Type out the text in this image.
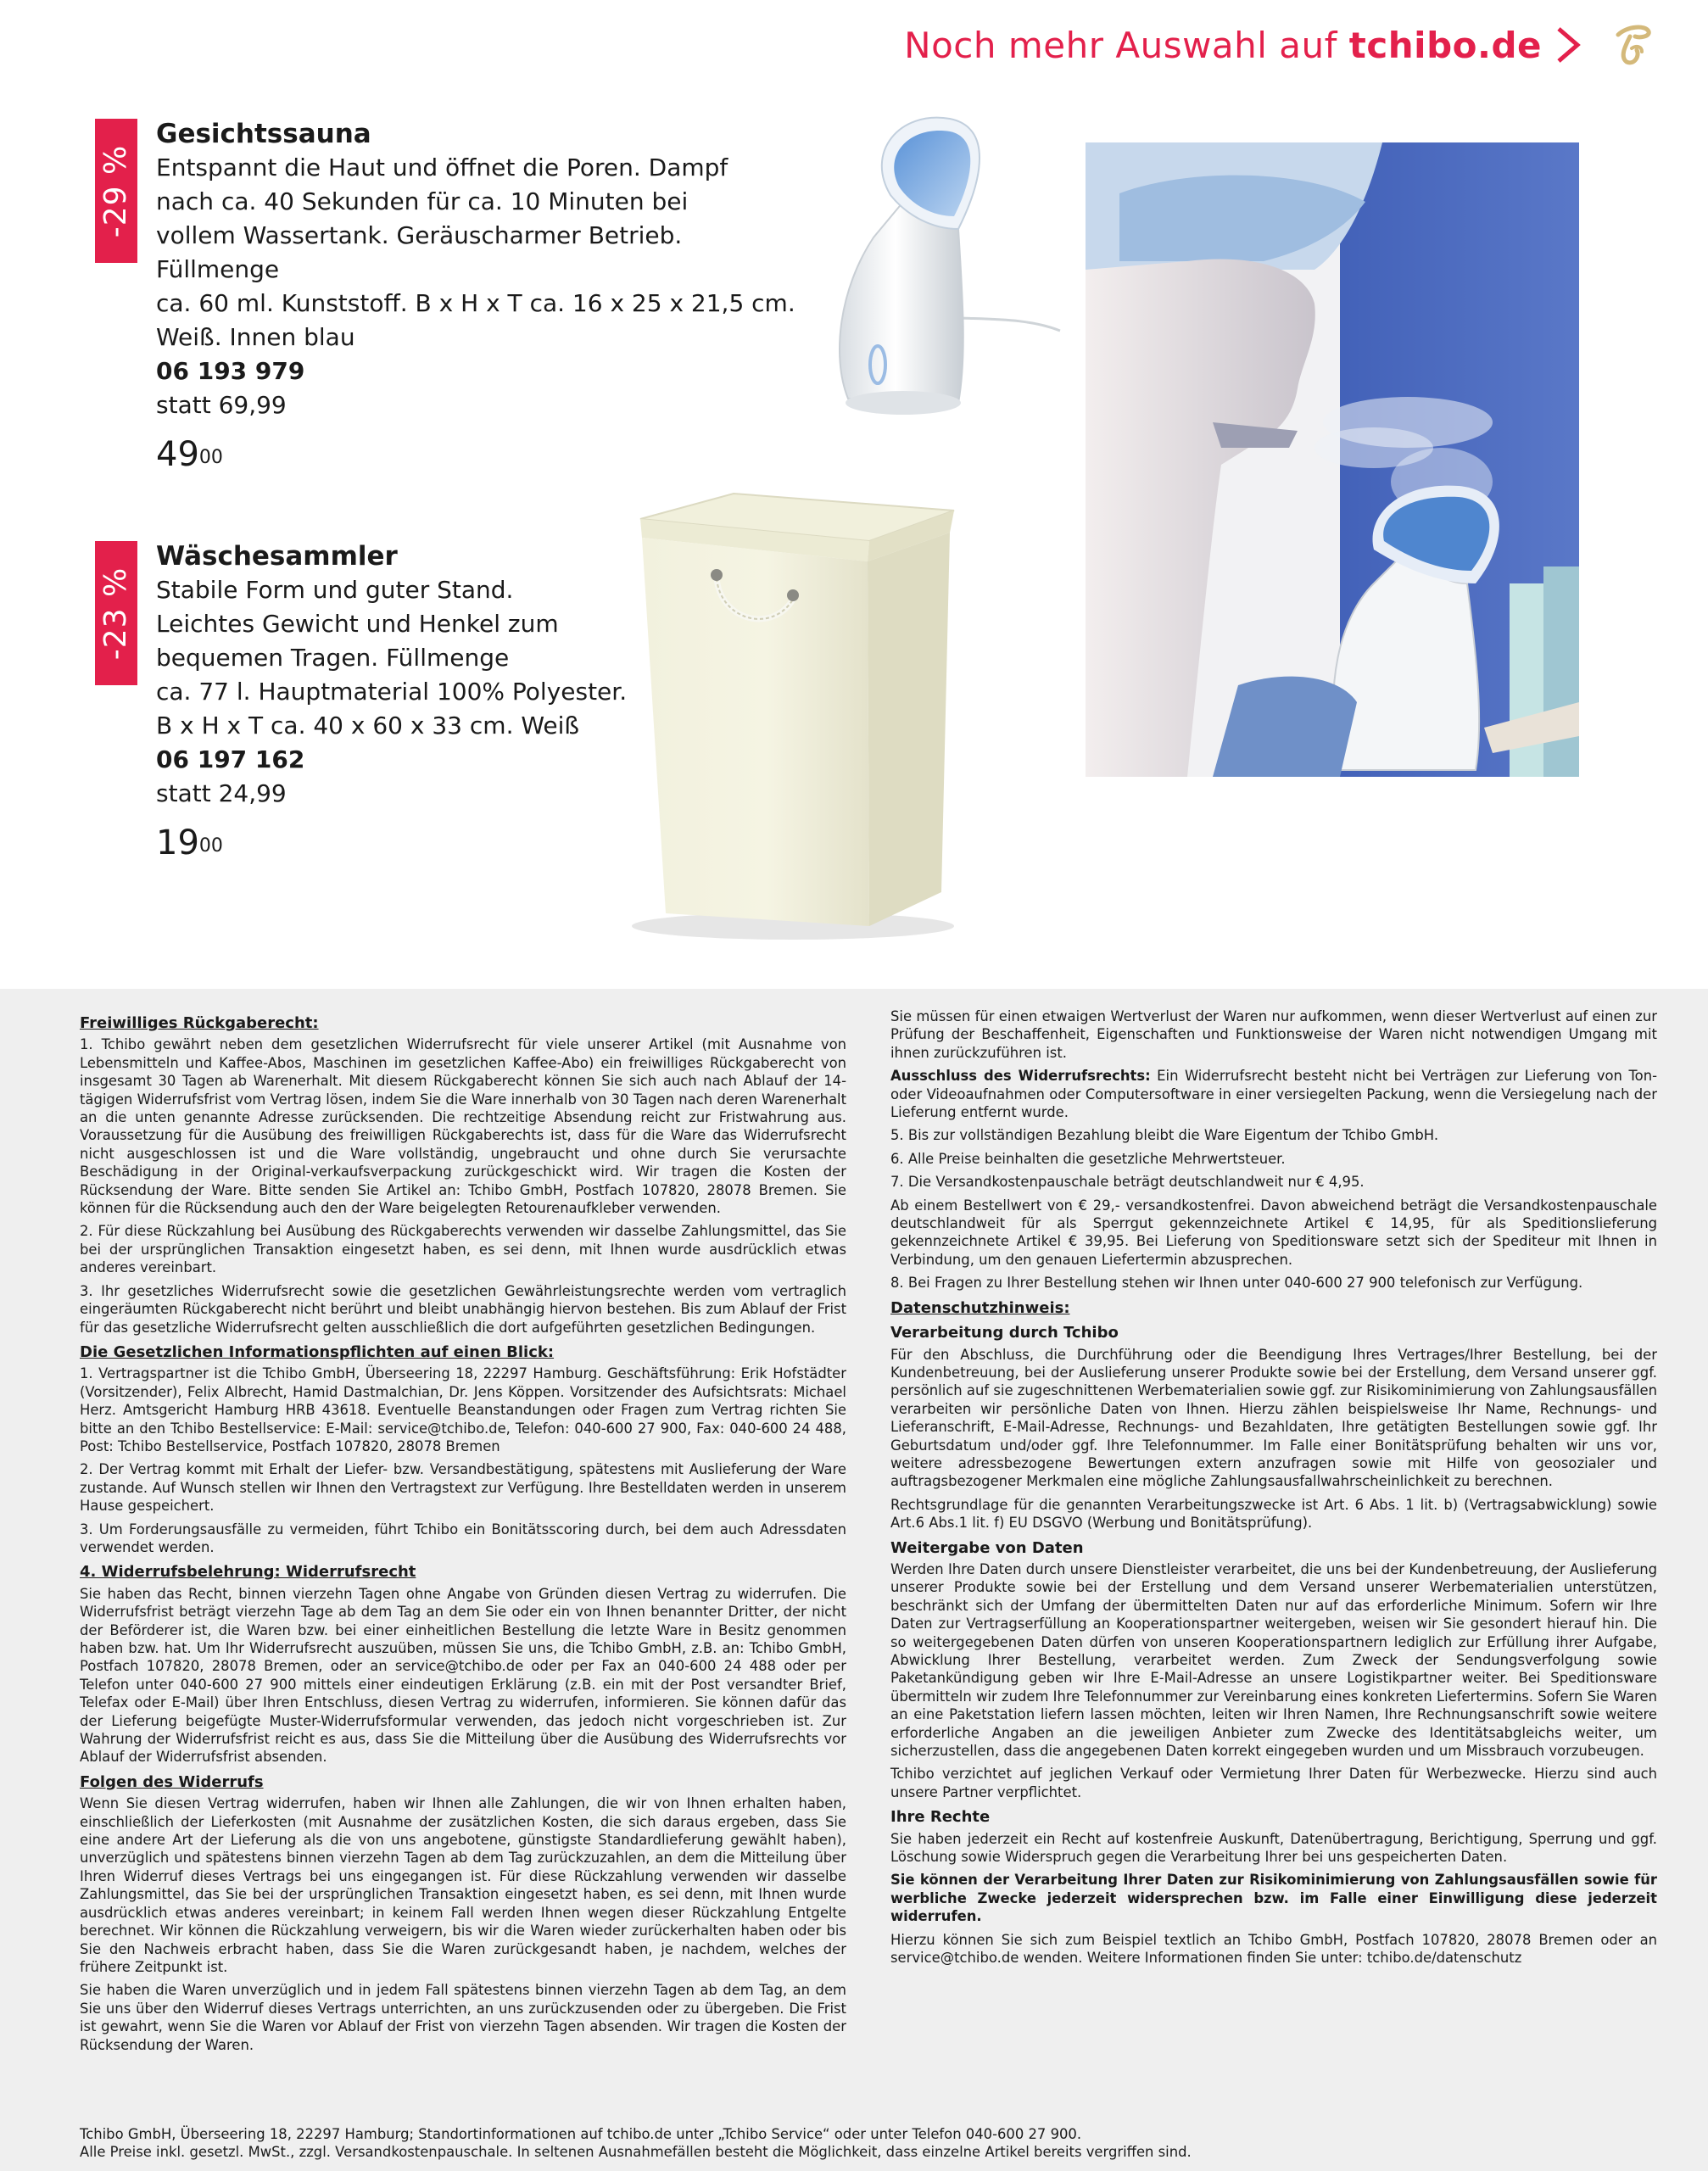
Noch mehr Auswahl auf tchibo.de
-29 %
Gesichtssauna
Entspannt die Haut und öffnet die Poren. Dampf
nach ca. 40 Sekunden für ca. 10 Minuten bei
vollem Wassertank. Geräuscharmer Betrieb. Füllmenge
ca. 60 ml. Kunststoff. B x H x T ca. 16 x 25 x 21,5 cm.
Weiß. Innen blau
06 193 979
statt 69,99
$49^{00}$
-23 %
Wäschesammler
Stabile Form und guter Stand.
Leichtes Gewicht und Henkel zum
bequemen Tragen. Füllmenge
ca. 77 l. Hauptmaterial 100% Polyester.
B x H x T ca. 40 x 60 x 33 cm. Weiß
06 197 162
statt 24,99
$19^{00}$
Freiwilliges Rückgaberecht:

1. Tchibo gewährt neben dem gesetzlichen Widerrufsrecht für viele unserer Artikel (mit Ausnahme von Lebensmitteln und Kaffee-Abos, Maschinen im gesetzlichen Kaffee-Abo) ein freiwilliges Rückgaberecht von insgesamt 30 Tagen ab Warenerhalt. Mit diesem Rückgaberecht können Sie sich auch nach Ablauf der 14-tägigen Widerrufsfrist vom Vertrag lösen, indem Sie die Ware innerhalb von 30 Tagen nach deren Warenerhalt an die unten genannte Adresse zurücksenden. Die rechtzeitige Absendung reicht zur Fristwahrung aus. Voraussetzung für die Ausübung des freiwilligen Rückgaberechts ist, dass für die Ware das Widerrufsrecht nicht ausgeschlossen ist und die Ware vollständig, ungebraucht und ohne durch Sie verursachte Beschädigung in der Original-verkaufsverpackung zurückgeschickt wird. Wir tragen die Kosten der Rücksendung der Ware. Bitte senden Sie Artikel an: Tchibo GmbH, Postfach 107820, 28078 Bremen. Sie können für die Rücksendung auch den der Ware beigelegten Retourenaufkleber verwenden.

2. Für diese Rückzahlung bei Ausübung des Rückgaberechts verwenden wir dasselbe Zahlungsmittel, das Sie bei der ursprünglichen Transaktion eingesetzt haben, es sei denn, mit Ihnen wurde ausdrücklich etwas anderes vereinbart.

3. Ihr gesetzliches Widerrufsrecht sowie die gesetzlichen Gewährleistungsrechte werden vom vertraglich eingeräumten Rückgaberecht nicht berührt und bleibt unabhängig hiervon bestehen. Bis zum Ablauf der Frist für das gesetzliche Widerrufsrecht gelten ausschließlich die dort aufgeführten gesetzlichen Bedingungen.

Die Gesetzlichen Informationspflichten auf einen Blick:

1. Vertragspartner ist die Tchibo GmbH, Überseering 18, 22297 Hamburg. Geschäftsführung: Erik Hofstädter (Vorsitzender), Felix Albrecht, Hamid Dastmalchian, Dr. Jens Köppen. Vorsitzender des Aufsichtsrats: Michael Herz. Amtsgericht Hamburg HRB 43618. Eventuelle Beanstandungen oder Fragen zum Vertrag richten Sie bitte an den Tchibo Bestellservice: E-Mail: service@tchibo.de, Telefon: 040-600 27 900, Fax: 040-600 24 488, Post: Tchibo Bestellservice, Postfach 107820, 28078 Bremen

2. Der Vertrag kommt mit Erhalt der Liefer- bzw. Versandbestätigung, spätestens mit Auslieferung der Ware zustande. Auf Wunsch stellen wir Ihnen den Vertragstext zur Verfügung. Ihre Bestelldaten werden in unserem Hause gespeichert.

3. Um Forderungsausfälle zu vermeiden, führt Tchibo ein Bonitätsscoring durch, bei dem auch Adressdaten verwendet werden.

4. Widerrufsbelehrung: Widerrufsrecht

Sie haben das Recht, binnen vierzehn Tagen ohne Angabe von Gründen diesen Vertrag zu widerrufen. Die Widerrufsfrist beträgt vierzehn Tage ab dem Tag an dem Sie oder ein von Ihnen benannter Dritter, der nicht der Beförderer ist, die Waren bzw. bei einer einheitlichen Bestellung die letzte Ware in Besitz genommen haben bzw. hat. Um Ihr Widerrufsrecht auszuüben, müssen Sie uns, die Tchibo GmbH, z.B. an: Tchibo GmbH, Postfach 107820, 28078 Bremen, oder an service@tchibo.de oder per Fax an 040-600 24 488 oder per Telefon unter 040-600 27 900 mittels einer eindeutigen Erklärung (z.B. ein mit der Post versandter Brief, Telefax oder E-Mail) über Ihren Entschluss, diesen Vertrag zu widerrufen, informieren. Sie können dafür das der Lieferung beigefügte Muster-Widerrufsformular verwenden, das jedoch nicht vorgeschrieben ist. Zur Wahrung der Widerrufsfrist reicht es aus, dass Sie die Mitteilung über die Ausübung des Widerrufsrechts vor Ablauf der Widerrufsfrist absenden.

Folgen des Widerrufs

Wenn Sie diesen Vertrag widerrufen, haben wir Ihnen alle Zahlungen, die wir von Ihnen erhalten haben, einschließlich der Lieferkosten (mit Ausnahme der zusätzlichen Kosten, die sich daraus ergeben, dass Sie eine andere Art der Lieferung als die von uns angebotene, günstigste Standardlieferung gewählt haben), unverzüglich und spätestens binnen vierzehn Tagen ab dem Tag zurückzuzahlen, an dem die Mitteilung über Ihren Widerruf dieses Vertrags bei uns eingegangen ist. Für diese Rückzahlung verwenden wir dasselbe Zahlungsmittel, das Sie bei der ursprünglichen Transaktion eingesetzt haben, es sei denn, mit Ihnen wurde ausdrücklich etwas anderes vereinbart; in keinem Fall werden Ihnen wegen dieser Rückzahlung Entgelte berechnet. Wir können die Rückzahlung verweigern, bis wir die Waren wieder zurückerhalten haben oder bis Sie den Nachweis erbracht haben, dass Sie die Waren zurückgesandt haben, je nachdem, welches der frühere Zeitpunkt ist.

Sie haben die Waren unverzüglich und in jedem Fall spätestens binnen vierzehn Tagen ab dem Tag, an dem Sie uns über den Widerruf dieses Vertrags unterrichten, an uns zurückzusenden oder zu übergeben. Die Frist ist gewahrt, wenn Sie die Waren vor Ablauf der Frist von vierzehn Tagen absenden. Wir tragen die Kosten der Rücksendung der Waren.

Sie müssen für einen etwaigen Wertverlust der Waren nur aufkommen, wenn dieser Wertverlust auf einen zur Prüfung der Beschaffenheit, Eigenschaften und Funktionsweise der Waren nicht notwendigen Umgang mit ihnen zurückzuführen ist.

Ausschluss des Widerrufsrechts: Ein Widerrufsrecht besteht nicht bei Verträgen zur Lieferung von Ton- oder Videoaufnahmen oder Computersoftware in einer versiegelten Packung, wenn die Versiegelung nach der Lieferung entfernt wurde.

5. Bis zur vollständigen Bezahlung bleibt die Ware Eigentum der Tchibo GmbH.

6. Alle Preise beinhalten die gesetzliche Mehrwertsteuer.

7. Die Versandkostenpauschale beträgt deutschlandweit nur € 4,95.

Ab einem Bestellwert von € 29,- versandkostenfrei. Davon abweichend beträgt die Versandkostenpauschale deutschlandweit für als Sperrgut gekennzeichnete Artikel € 14,95, für als Speditionslieferung gekennzeichnete Artikel € 39,95. Bei Lieferung von Speditionsware setzt sich der Spediteur mit Ihnen in Verbindung, um den genauen Liefertermin abzusprechen.

8. Bei Fragen zu Ihrer Bestellung stehen wir Ihnen unter 040-600 27 900 telefonisch zur Verfügung.

Datenschutzhinweis:
Verarbeitung durch Tchibo

Für den Abschluss, die Durchführung oder die Beendigung Ihres Vertrages/Ihrer Bestellung, bei der Kundenbetreuung, bei der Auslieferung unserer Produkte sowie bei der Erstellung, dem Versand unserer ggf. persönlich auf sie zugeschnittenen Werbematerialien sowie ggf. zur Risikominimierung von Zahlungsausfällen verarbeiten wir persönliche Daten von Ihnen. Hierzu zählen beispielsweise Ihr Name, Rechnungs- und Lieferanschrift, E-Mail-Adresse, Rechnungs- und Bezahldaten, Ihre getätigten Bestellungen sowie ggf. Ihr Geburtsdatum und/oder ggf. Ihre Telefonnummer. Im Falle einer Bonitätsprüfung behalten wir uns vor, weitere adressbezogene Bewertungen extern anzufragen sowie mit Hilfe von geosozialer und auftragsbezogener Merkmalen eine mögliche Zahlungsausfallwahrscheinlichkeit zu berechnen.

Rechtsgrundlage für die genannten Verarbeitungszwecke ist Art. 6 Abs. 1 lit. b) (Vertragsabwicklung) sowie Art.6 Abs.1 lit. f) EU DSGVO (Werbung und Bonitätsprüfung).

Weitergabe von Daten

Werden Ihre Daten durch unsere Dienstleister verarbeitet, die uns bei der Kundenbetreuung, der Auslieferung unserer Produkte sowie bei der Erstellung und dem Versand unserer Werbematerialien unterstützen, beschränkt sich der Umfang der übermittelten Daten nur auf das erforderliche Minimum. Sofern wir Ihre Daten zur Vertragserfüllung an Kooperationspartner weitergeben, weisen wir Sie gesondert hierauf hin. Die so weitergegebenen Daten dürfen von unseren Kooperationspartnern lediglich zur Erfüllung ihrer Aufgabe, Abwicklung Ihrer Bestellung, verarbeitet werden. Zum Zweck der Sendungsverfolgung sowie Paketankündigung geben wir Ihre E-Mail-Adresse an unsere Logistikpartner weiter. Bei Speditionsware übermitteln wir zudem Ihre Telefonnummer zur Vereinbarung eines konkreten Liefertermins. Sofern Sie Waren an eine Paketstation liefern lassen möchten, leiten wir Ihren Namen, Ihre Rechnungsanschrift sowie weitere erforderliche Angaben an die jeweiligen Anbieter zum Zwecke des Identitätsabgleichs weiter, um sicherzustellen, dass die angegebenen Daten korrekt eingegeben wurden und um Missbrauch vorzubeugen.

Tchibo verzichtet auf jeglichen Verkauf oder Vermietung Ihrer Daten für Werbezwecke. Hierzu sind auch unsere Partner verpflichtet.

Ihre Rechte

Sie haben jederzeit ein Recht auf kostenfreie Auskunft, Datenübertragung, Berichtigung, Sperrung und ggf. Löschung sowie Widerspruch gegen die Verarbeitung Ihrer bei uns gespeicherten Daten.

Sie können der Verarbeitung Ihrer Daten zur Risikominimierung von Zahlungsausfällen sowie für werbliche Zwecke jederzeit widersprechen bzw. im Falle einer Einwilligung diese jederzeit widerrufen.

Hierzu können Sie sich zum Beispiel textlich an Tchibo GmbH, Postfach 107820, 28078 Bremen oder an service@tchibo.de wenden. Weitere Informationen finden Sie unter: tchibo.de/datenschutz

Tchibo GmbH, Überseering 18, 22297 Hamburg; Standortinformationen auf tchibo.de unter „Tchibo Service“ oder unter Telefon 040-600 27 900.
Alle Preise inkl. gesetzl. MwSt., zzgl. Versandkostenpauschale. In seltenen Ausnahmefällen besteht die Möglichkeit, dass einzelne Artikel bereits vergriffen sind.
